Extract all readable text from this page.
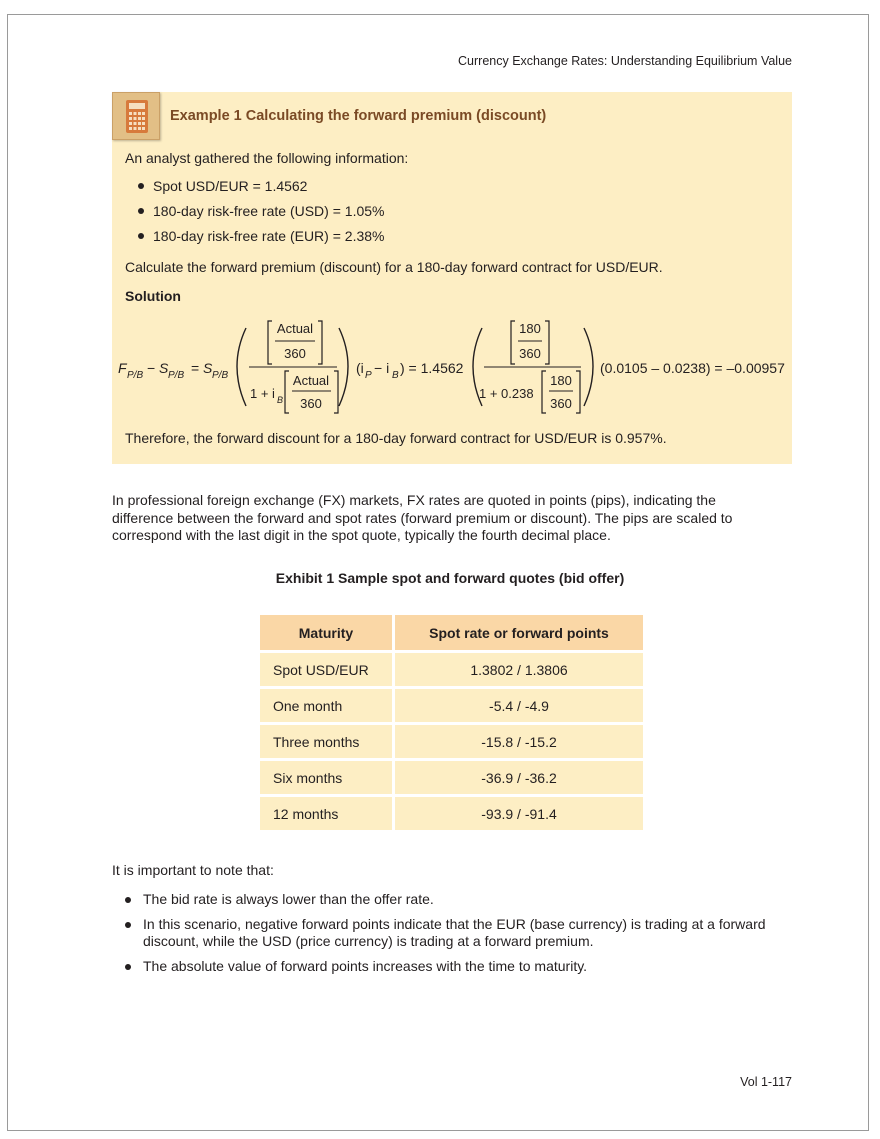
Currency Exchange Rates: Understanding Equilibrium Value
Example 1 Calculating the forward premium (discount)
An analyst gathered the following information:
Spot USD/EUR = 1.4562
180-day risk-free rate (USD) = 1.05%
180-day risk-free rate (EUR) = 2.38%
Calculate the forward premium (discount) for a 180-day forward contract for USD/EUR.
Solution
Therefore, the forward discount for a 180-day forward contract for USD/EUR is 0.957%.
F P/B − S P/B = S P/B
Actual
360
1 + i B
Actual
360
(i P − i B ) = 1.4562
180
360
1 + 0.238
180
360
(0.0105 – 0.0238) = –0.00957
In professional foreign exchange (FX) markets, FX rates are quoted in points (pips), indicating the difference between the forward and spot rates (forward premium or discount). The pips are scaled to correspond with the last digit in the spot quote, typically the fourth decimal place.
Exhibit 1 Sample spot and forward quotes (bid offer)
Maturity	Spot rate or forward points
Spot USD/EUR	1.3802 / 1.3806
One month	-5.4 / -4.9
Three months	-15.8 / -15.2
Six months	-36.9 / -36.2
12 months	-93.9 / -91.4
It is important to note that:
The bid rate is always lower than the offer rate.
In this scenario, negative forward points indicate that the EUR (base currency) is trading at a forward discount, while the USD (price currency) is trading at a forward premium.
The absolute value of forward points increases with the time to maturity.
Vol 1-117
